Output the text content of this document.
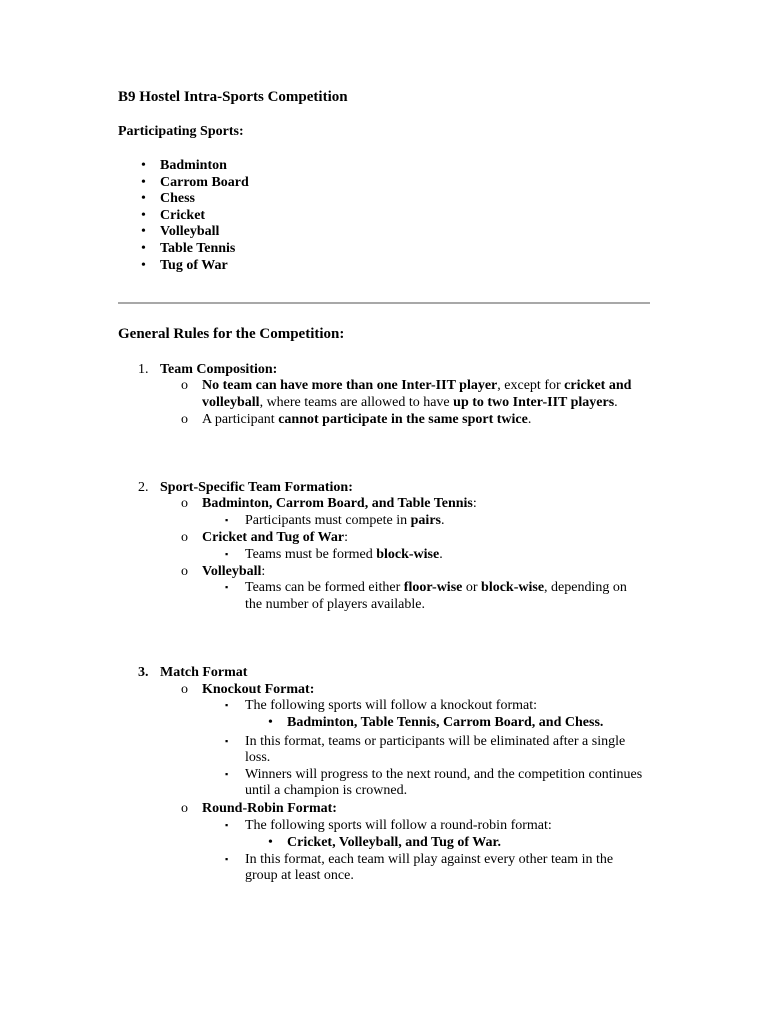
B9 Hostel Intra-Sports Competition

Participating Sports:

• Badminton

• Carrom Board

• Chess

• Cricket

• Volleyball

• Table Tennis

• Tug of War

General Rules for the Competition:

1. Team Composition:

o No team can have more than one Inter-IIT player, except for cricket and

volleyball, where teams are allowed to have up to two Inter-IIT players.

o A participant cannot participate in the same sport twice.

2. Sport-Specific Team Formation:

o Badminton, Carrom Board, and Table Tennis:

▪ Participants must compete in pairs.

o Cricket and Tug of War:

▪ Teams must be formed block-wise.

o Volleyball:

▪ Teams can be formed either floor-wise or block-wise, depending on

the number of players available.

3. Match Format

o Knockout Format:

▪ The following sports will follow a knockout format:

• Badminton, Table Tennis, Carrom Board, and Chess.

▪ In this format, teams or participants will be eliminated after a single

loss.

▪ Winners will progress to the next round, and the competition continues

until a champion is crowned.

o Round-Robin Format:

▪ The following sports will follow a round-robin format:

• Cricket, Volleyball, and Tug of War.

▪ In this format, each team will play against every other team in the

group at least once.
